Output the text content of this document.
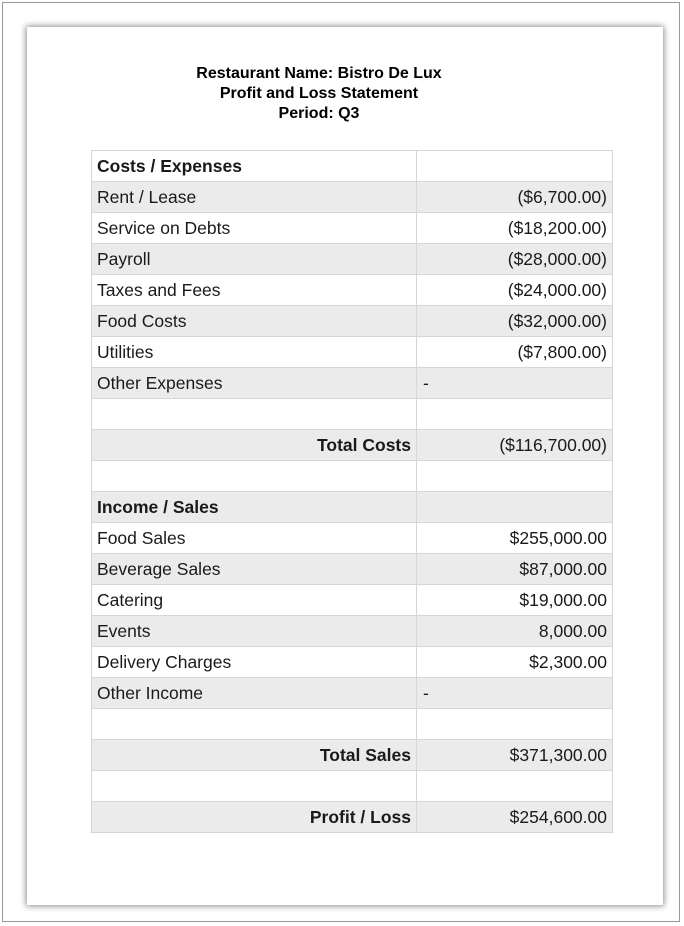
Restaurant Name: Bistro De Lux
Profit and Loss Statement
Period: Q3
Costs / Expenses	
Rent / Lease	($6,700.00)
Service on Debts	($18,200.00)
Payroll	($28,000.00)
Taxes and Fees	($24,000.00)
Food Costs	($32,000.00)
Utilities	($7,800.00)
Other Expenses	-

Total Costs	($116,700.00)

Income / Sales	
Food Sales	$255,000.00
Beverage Sales	$87,000.00
Catering	$19,000.00
Events	8,000.00
Delivery Charges	$2,300.00
Other Income	-

Total Sales	$371,300.00

Profit / Loss	$254,600.00
